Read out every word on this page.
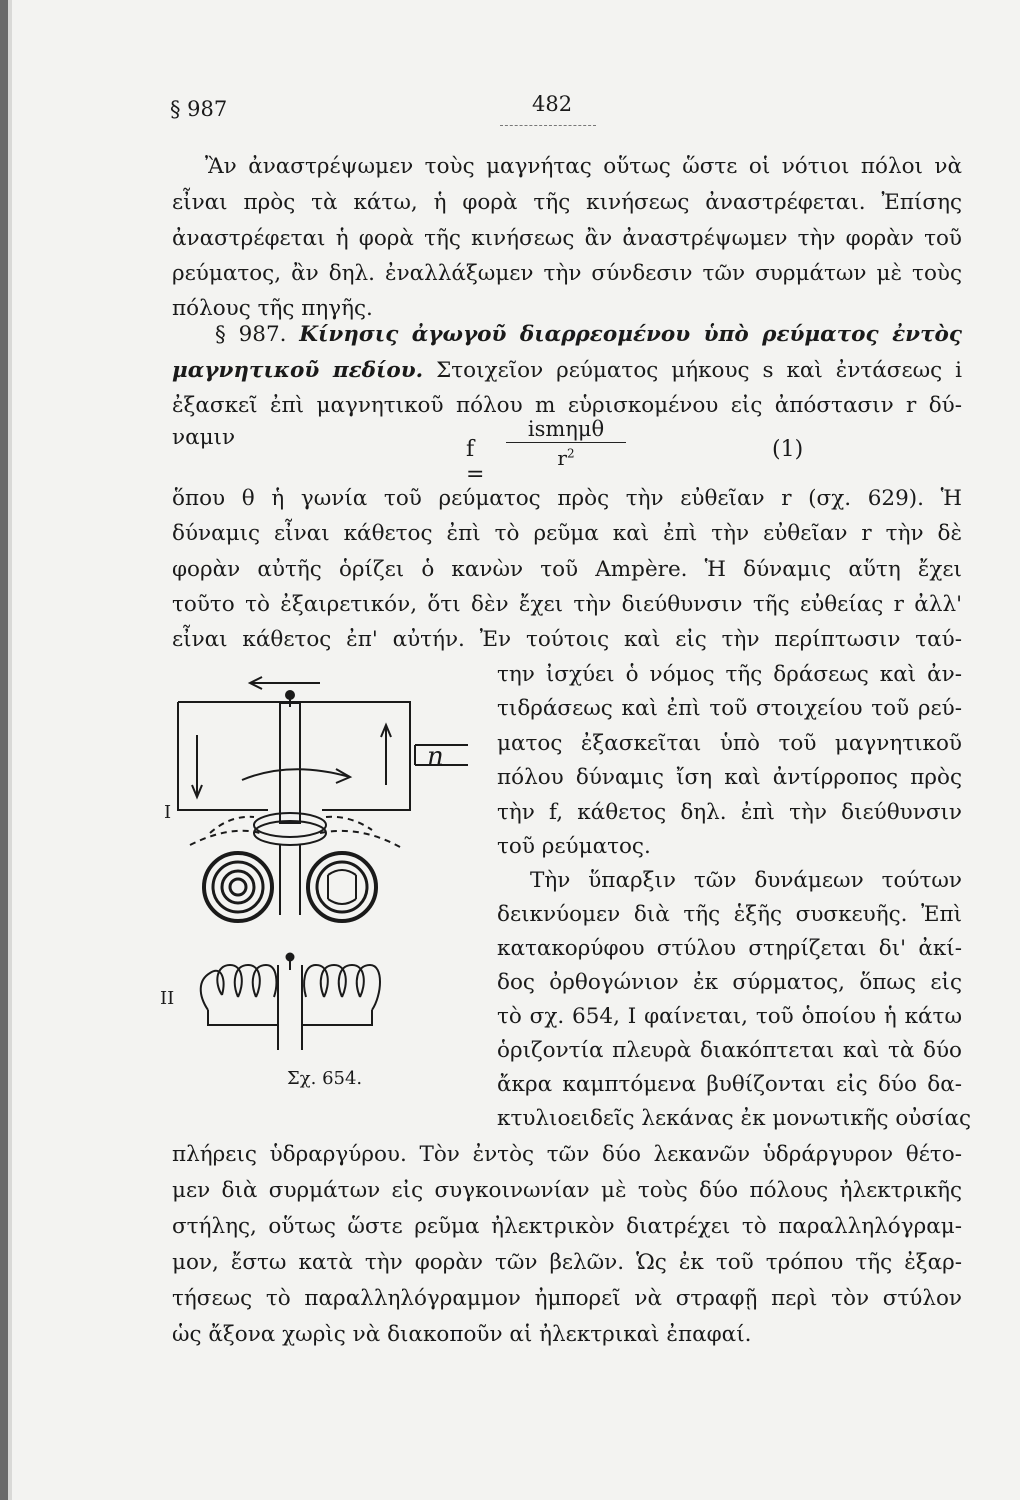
§ 987	482
Ἂν ἀναστρέψωμεν τοὺς μαγνήτας οὕτως ὥστε οἱ νότιοι πόλοι νὰ
εἶναι πρὸς τὰ κάτω, ἡ φορὰ τῆς κινήσεως ἀναστρέφεται. Ἐπίσης
ἀναστρέφεται ἡ φορὰ τῆς κινήσεως ἂν ἀναστρέψωμεν τὴν φορὰν τοῦ
ρεύματος, ἂν δηλ. ἐναλλάξωμεν τὴν σύνδεσιν τῶν συρμάτων μὲ τοὺς
πόλους τῆς πηγῆς.
§ 987. Κίνησις ἀγωγοῦ διαρρεομένου ὑπὸ ρεύματος ἐντὸς
μαγνητικοῦ πεδίου. Στοιχεῖον ρεύματος μήκους s καὶ ἐντάσεως i
ἐξασκεῖ ἐπὶ μαγνητικοῦ πόλου m εὑρισκομένου εἰς ἀπόστασιν r δύ-
ναμιν	f =
ismημθ
$r^2$	(1)
ὅπου θ ἡ γωνία τοῦ ρεύματος πρὸς τὴν εὐθεῖαν r (σχ. 629). Ἡ
δύναμις εἶναι κάθετος ἐπὶ τὸ ρεῦμα καὶ ἐπὶ τὴν εὐθεῖαν r τὴν δὲ
φορὰν αὐτῆς ὁρίζει ὁ κανὼν τοῦ Ampère. Ἡ δύναμις αὕτη ἔχει
τοῦτο τὸ ἐξαιρετικόν, ὅτι δὲν ἔχει τὴν διεύθυνσιν τῆς εὐθείας r ἀλλ'
εἶναι κάθετος ἐπ' αὐτήν. Ἐν τούτοις καὶ εἰς τὴν περίπτωσιν ταύ-
την ἰσχύει ὁ νόμος τῆς δράσεως καὶ ἀν-
τιδράσεως καὶ ἐπὶ τοῦ στοιχείου τοῦ ρεύ-
ματος ἐξασκεῖται ὑπὸ τοῦ μαγνητικοῦ
πόλου δύναμις ἴση καὶ ἀντίρροπος πρὸς
τὴν f, κάθετος δηλ. ἐπὶ τὴν διεύθυνσιν
τοῦ ρεύματος.
Τὴν ὕπαρξιν τῶν δυνάμεων τούτων
δεικνύομεν διὰ τῆς ἑξῆς συσκευῆς. Ἐπὶ
κατακορύφου στύλου στηρίζεται δι' ἀκί-
δος ὀρθογώνιον ἐκ σύρματος, ὅπως εἰς
τὸ σχ. 654, I φαίνεται, τοῦ ὁποίου ἡ κάτω
ὁριζοντία πλευρὰ διακόπτεται καὶ τὰ δύο
ἄκρα καμπτόμενα βυθίζονται εἰς δύο δα-
κτυλιοειδεῖς λεκάνας ἐκ μονωτικῆς οὐσίας
πλήρεις ὑδραργύρου. Τὸν ἐντὸς τῶν δύο λεκανῶν ὑδράργυρον θέτο-
μεν διὰ συρμάτων εἰς συγκοινωνίαν μὲ τοὺς δύο πόλους ἠλεκτρικῆς
στήλης, οὕτως ὥστε ρεῦμα ἠλεκτρικὸν διατρέχει τὸ παραλληλόγραμ-
μον, ἔστω κατὰ τὴν φορὰν τῶν βελῶν. Ὡς ἐκ τοῦ τρόπου τῆς ἐξαρ-
τήσεως τὸ παραλληλόγραμμον ἠμπορεῖ νὰ στραφῇ περὶ τὸν στύλον
ὡς ἄξονα χωρὶς νὰ διακοποῦν αἱ ἠλεκτρικαὶ ἐπαφαί.
n
I
II
Σχ. 654.
